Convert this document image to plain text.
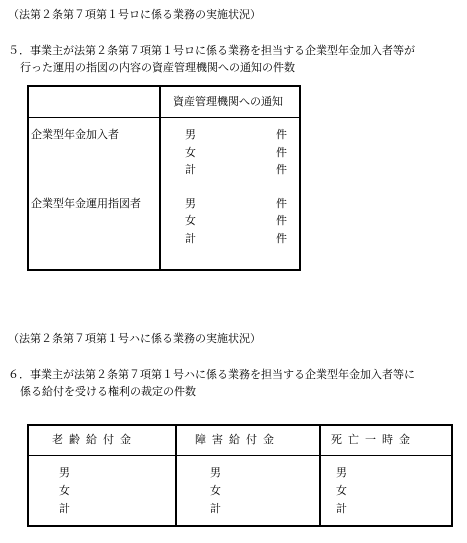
（法第２条第７項第１号ロに係る業務の実施状況）
５．事業主が法第２条第７項第１号ロに係る業務を担当する企業型年金加入者等が
行った運用の指図の内容の資産管理機関への通知の件数
資産管理機関への通知
企業型年金加入者
企業型年金運用指図者
男
女
計
件
件
件
男
女
計
件
件
件
（法第２条第７項第１号ハに係る業務の実施状況）
６．事業主が法第２条第７項第１号ハに係る業務を担当する企業型年金加入者等に
係る給付を受ける権利の裁定の件数
老齢給付金	障害給付金	死亡一時金
男
女
計
男
女
計
男
女
計
